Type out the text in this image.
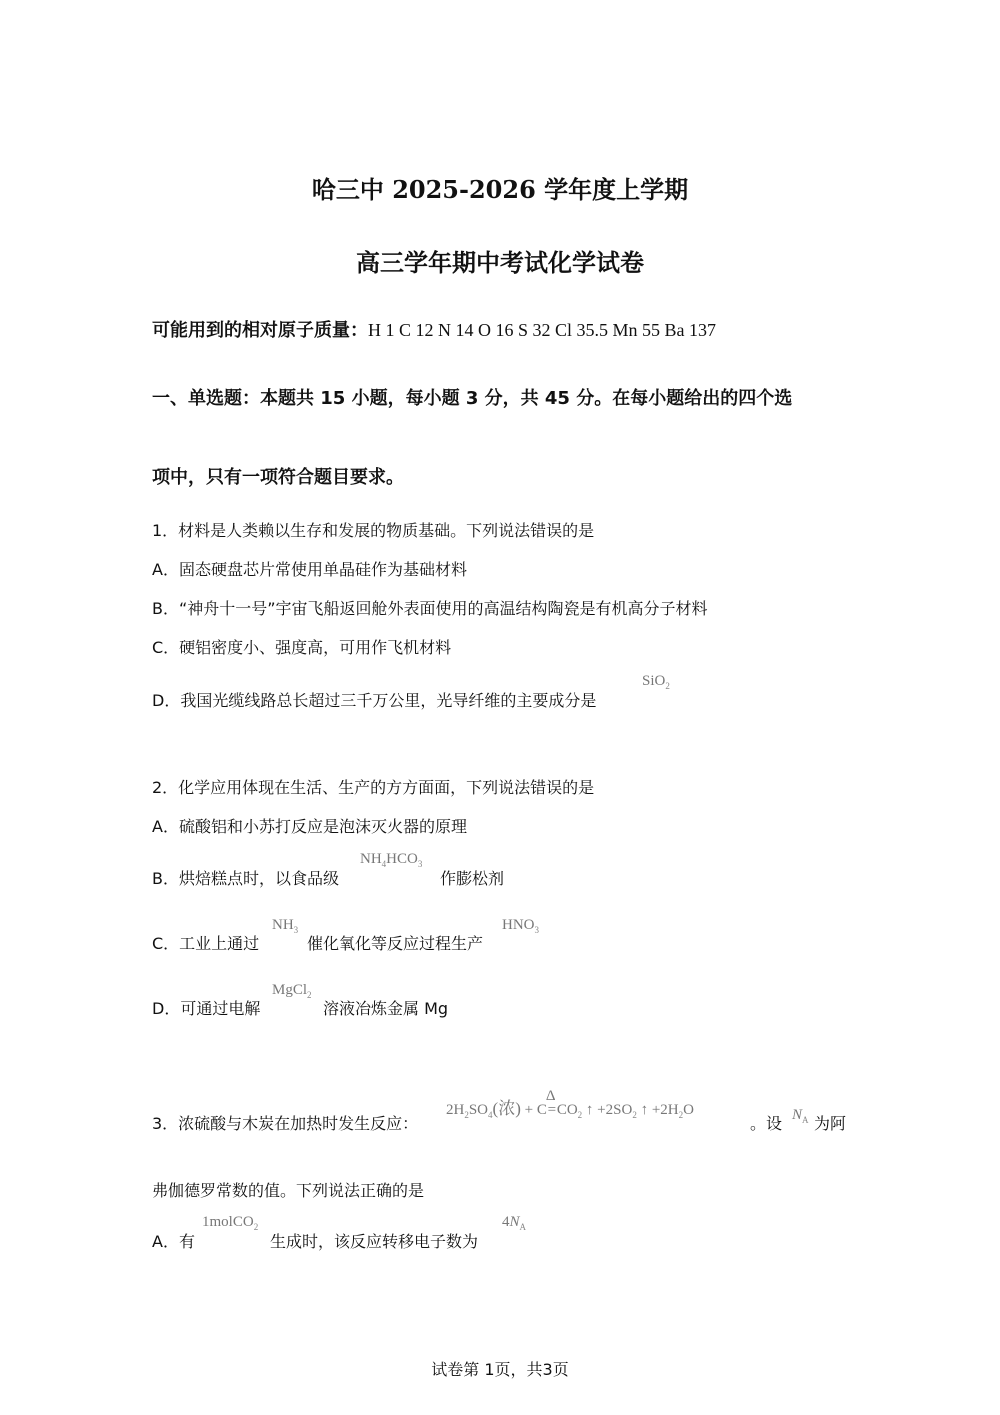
哈三中 2025-2026 学年度上学期
高三学年期中考试化学试卷
可能用到的相对原子质量：H 1 C 12 N 14 O 16 S 32 Cl 35.5 Mn 55 Ba 137
一、单选题：本题共 15 小题，每小题 3 分，共 45 分。在每小题给出的四个选
项中，只有一项符合题目要求。
1．材料是人类赖以生存和发展的物质基础。下列说法错误的是
A．固态硬盘芯片常使用单晶硅作为基础材料
B．“神舟十一号”宇宙飞船返回舱外表面使用的高温结构陶瓷是有机高分子材料
C．硬铝密度小、强度高，可用作飞机材料
D．我国光缆线路总长超过三千万公里，光导纤维的主要成分是
SiO$_2$
2．化学应用体现在生活、生产的方方面面，下列说法错误的是
A．硫酸铝和小苏打反应是泡沫灭火器的原理
B．烘焙糕点时，以食品级
$NH_4HCO_3$
作膨松剂
C．工业上通过
$NH_3$
催化氧化等反应过程生产
$HNO_3$
D．可通过电解
MgCl$_2$
溶液冶炼金属 Mg
3．浓硫酸与木炭在加热时发生反应：
$2H_2SO_4$(浓) + C
Δ
$=CO_2$ ↑ $+2SO_2$ ↑ $+2H_2O$
。设 $N_A$ 为阿
弗伽德罗常数的值。下列说法正确的是
A．有
1molCO$_2$
生成时，该反应转移电子数为
$4N_A$
试卷第 1页，共3页
